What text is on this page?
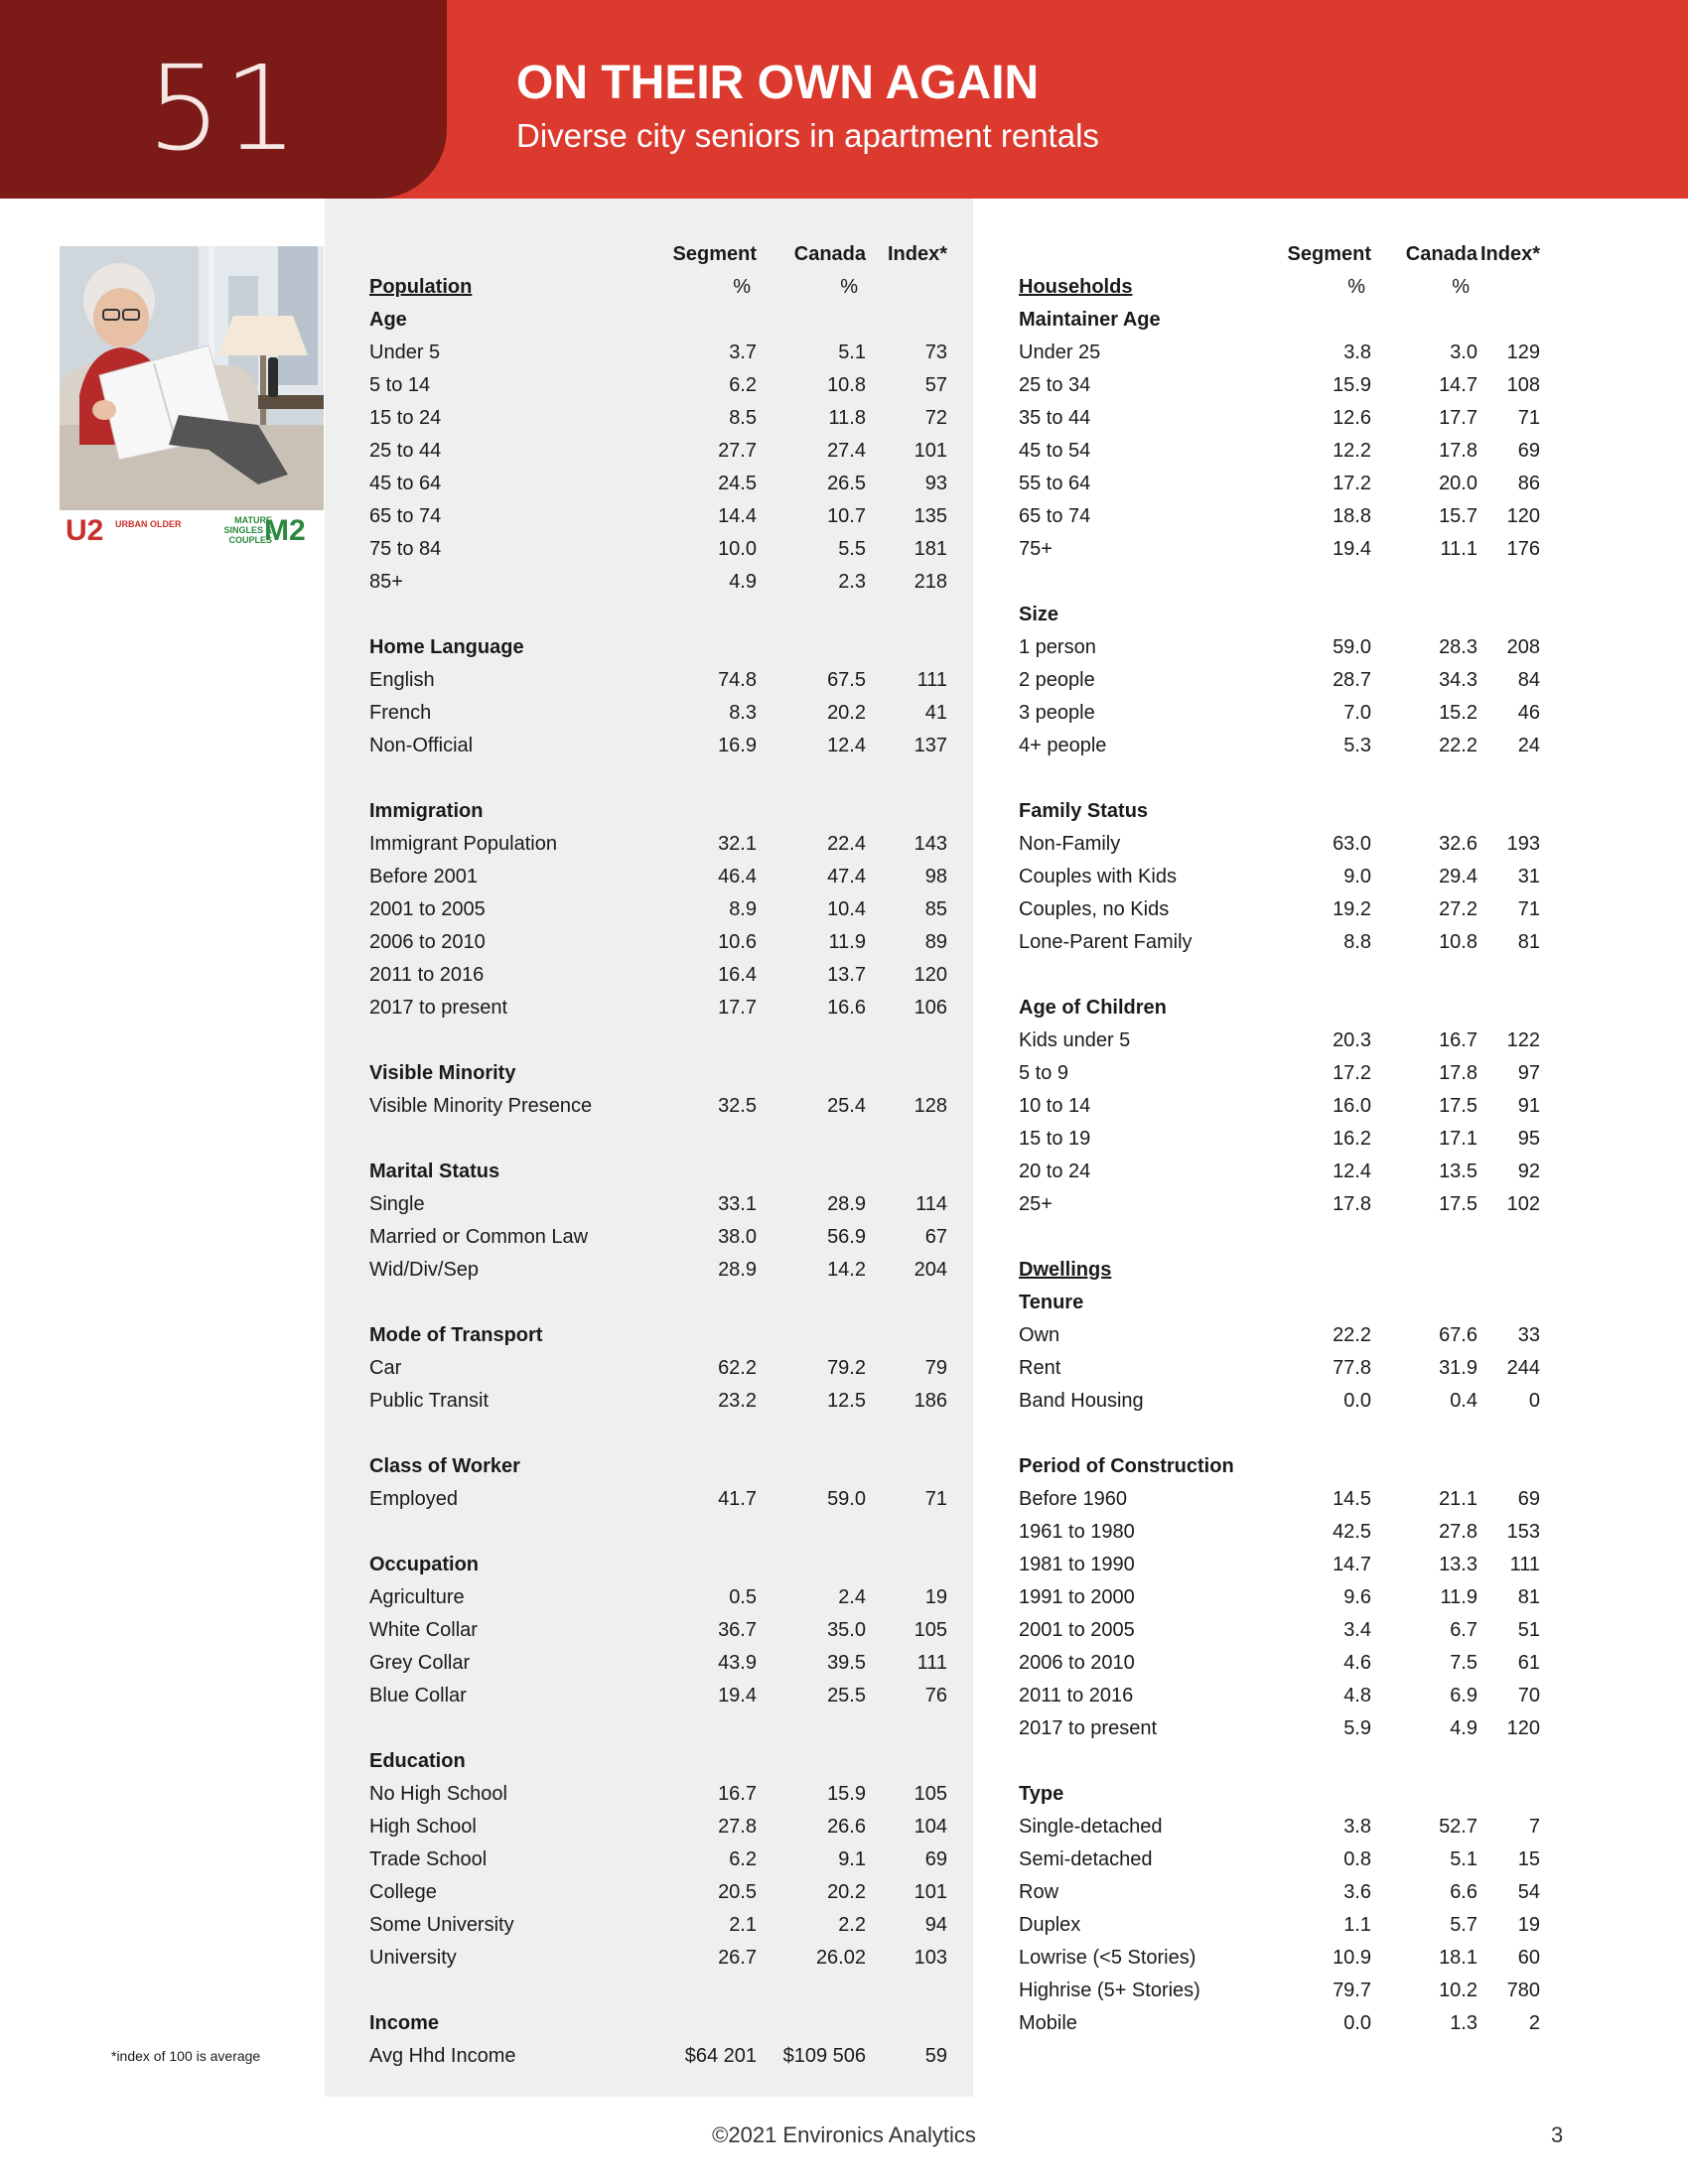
51	ON THEIR OWN AGAIN
Diverse city seniors in apartment rentals
U2 URBAN OLDER	MATURE SINGLES & COUPLES
M2
Segment	Canada	Index*
Population	%	%
Age
Under 5	3.7	5.1	73
5 to 14	6.2	10.8	57
15 to 24	8.5	11.8	72
25 to 44	27.7	27.4	101
45 to 64	24.5	26.5	93
65 to 74	14.4	10.7	135
75 to 84	10.0	5.5	181
85+	4.9	2.3	218
Home Language
English	74.8	67.5	111
French	8.3	20.2	41
Non-Official	16.9	12.4	137
Immigration
Immigrant Population	32.1	22.4	143
Before 2001	46.4	47.4	98
2001 to 2005	8.9	10.4	85
2006 to 2010	10.6	11.9	89
2011 to 2016	16.4	13.7	120
2017 to present	17.7	16.6	106
Visible Minority
Visible Minority Presence	32.5	25.4	128
Marital Status
Single	33.1	28.9	114
Married or Common Law	38.0	56.9	67
Wid/Div/Sep	28.9	14.2	204
Mode of Transport
Car	62.2	79.2	79
Public Transit	23.2	12.5	186
Class of Worker
Employed	41.7	59.0	71
Occupation
Agriculture	0.5	2.4	19
White Collar	36.7	35.0	105
Grey Collar	43.9	39.5	111
Blue Collar	19.4	25.5	76
Education
No High School	16.7	15.9	105
High School	27.8	26.6	104
Trade School	6.2	9.1	69
College	20.5	20.2	101
Some University	2.1	2.2	94
University	26.7	26.02	103
Income
Avg Hhd Income	$64 201	$109 506	59
Segment	Canada Index*
Households	%	%
Maintainer Age
Under 25	3.8	3.0	129
25 to 34	15.9	14.7	108
35 to 44	12.6	17.7	71
45 to 54	12.2	17.8	69
55 to 64	17.2	20.0	86
65 to 74	18.8	15.7	120
75+	19.4	11.1	176
Size
1 person	59.0	28.3	208
2 people	28.7	34.3	84
3 people	7.0	15.2	46
4+ people	5.3	22.2	24
Family Status
Non-Family	63.0	32.6	193
Couples with Kids	9.0	29.4	31
Couples, no Kids	19.2	27.2	71
Lone-Parent Family	8.8	10.8	81
Age of Children
Kids under 5	20.3	16.7	122
5 to 9	17.2	17.8	97
10 to 14	16.0	17.5	91
15 to 19	16.2	17.1	95
20 to 24	12.4	13.5	92
25+	17.8	17.5	102
Dwellings
Tenure
Own	22.2	67.6	33
Rent	77.8	31.9	244
Band Housing	0.0	0.4	0
Period of Construction
Before 1960	14.5	21.1	69
1961 to 1980	42.5	27.8	153
1981 to 1990	14.7	13.3	111
1991 to 2000	9.6	11.9	81
2001 to 2005	3.4	6.7	51
2006 to 2010	4.6	7.5	61
2011 to 2016	4.8	6.9	70
2017 to present	5.9	4.9	120
Type
Single-detached	3.8	52.7	7
Semi-detached	0.8	5.1	15
Row	3.6	6.6	54
Duplex	1.1	5.7	19
Lowrise (<5 Stories)	10.9	18.1	60
Highrise (5+ Stories)	79.7	10.2	780
Mobile	0.0	1.3	2
*index of 100 is average
©2021 Environics Analytics	3
